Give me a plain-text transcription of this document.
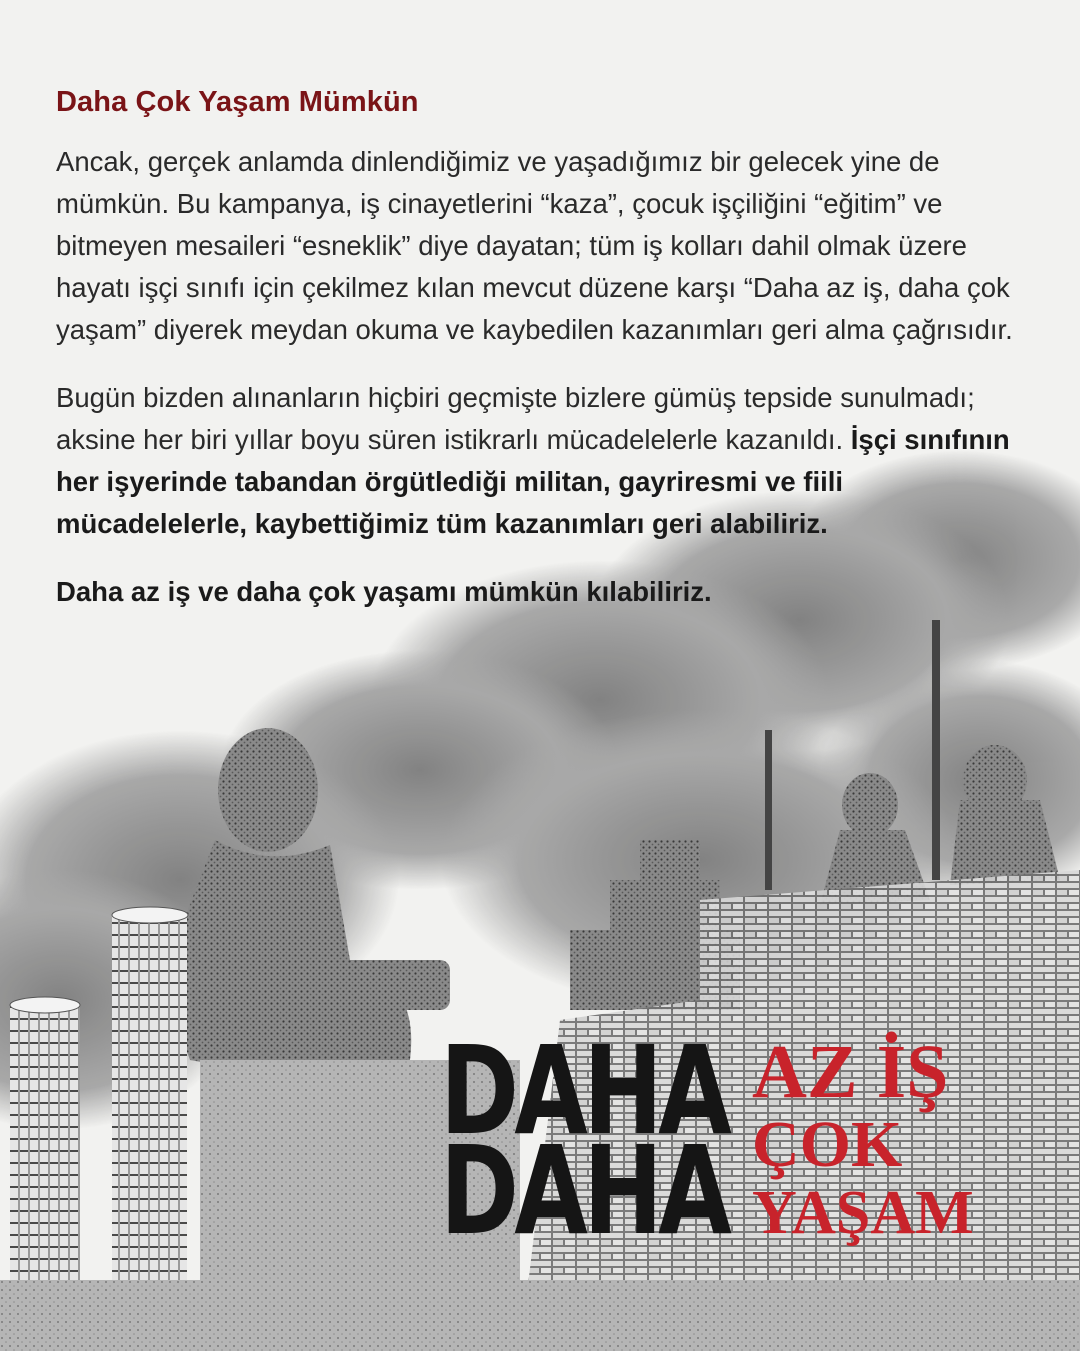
Daha Çok Yaşam Mümkün

Ancak, gerçek anlamda dinlendiğimiz ve yaşadığımız bir gelecek yine de mümkün. Bu kampanya, iş cinayetlerini “kaza”, çocuk işçiliğini “eğitim” ve bitmeyen mesaileri “esneklik” diye dayatan; tüm iş kolları dahil olmak üzere hayatı işçi sınıfı için çekilmez kılan mevcut düzene karşı “Daha az iş, daha çok yaşam” diyerek meydan okuma ve kaybedilen kazanımları geri alma çağrısıdır.

Bugün bizden alınanların hiçbiri geçmişte bizlere gümüş tepside sunulmadı; aksine her biri yıllar boyu süren istikrarlı mücadelelerle kazanıldı. İşçi sınıfının her işyerinde tabandan örgütlediği militan, gayriresmi ve fiili mücadelelerle, kaybettiğimiz tüm kazanımları geri alabiliriz.

Daha az iş ve daha çok yaşamı mümkün kılabiliriz.

DAHA
DAHA
AZ İŞ
ÇOK
YAŞAM
